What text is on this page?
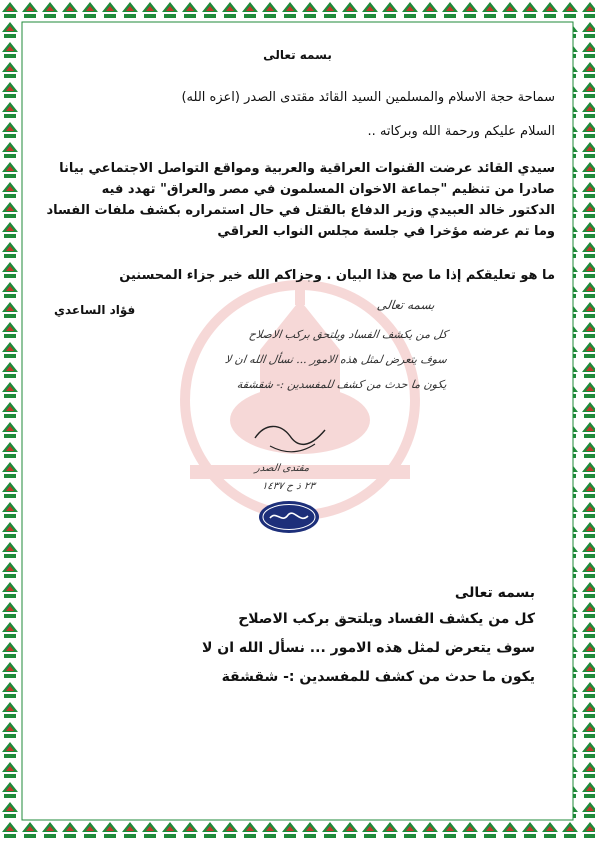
بسمه تعالى
سماحة حجة الاسلام والمسلمين السيد القائد مقتدى الصدر (اعزه الله)
السلام عليكم ورحمة الله وبركاته ..
سيدي القائد عرضت القنوات العراقية والعربية ومواقع التواصل الاجتماعي بيانا
صادرا من تنظيم "جماعة الاخوان المسلمون في مصر والعراق" تهدد فيه
الدكتور خالد العبيدي وزير الدفاع بالقتل في حال استمراره بكشف ملفات الفساد
وما تم عرضه مؤخرا في جلسة مجلس النواب العراقي
ما هو تعليقكم إذا ما صح هذا البيان . وجزاكم الله خير جزاء المحسنين
فؤاد الساعدي	بسمه تعالى
كل من يكشف الفساد ويلتحق بركب الاصلاح
سوف يتعرض لمثل هذه الامور ... نسأل الله ان لا
يكون ما حدث من كشف للمفسدين :- شقشقة
مقتدى الصدر
٢٣ ذ ح ١٤٣٧
بسمه تعالى
كل من يكشف الفساد ويلتحق بركب الاصلاح
سوف يتعرض لمثل هذه الامور ... نسأل الله ان لا
يكون ما حدث من كشف للمفسدين :- شقشقة
